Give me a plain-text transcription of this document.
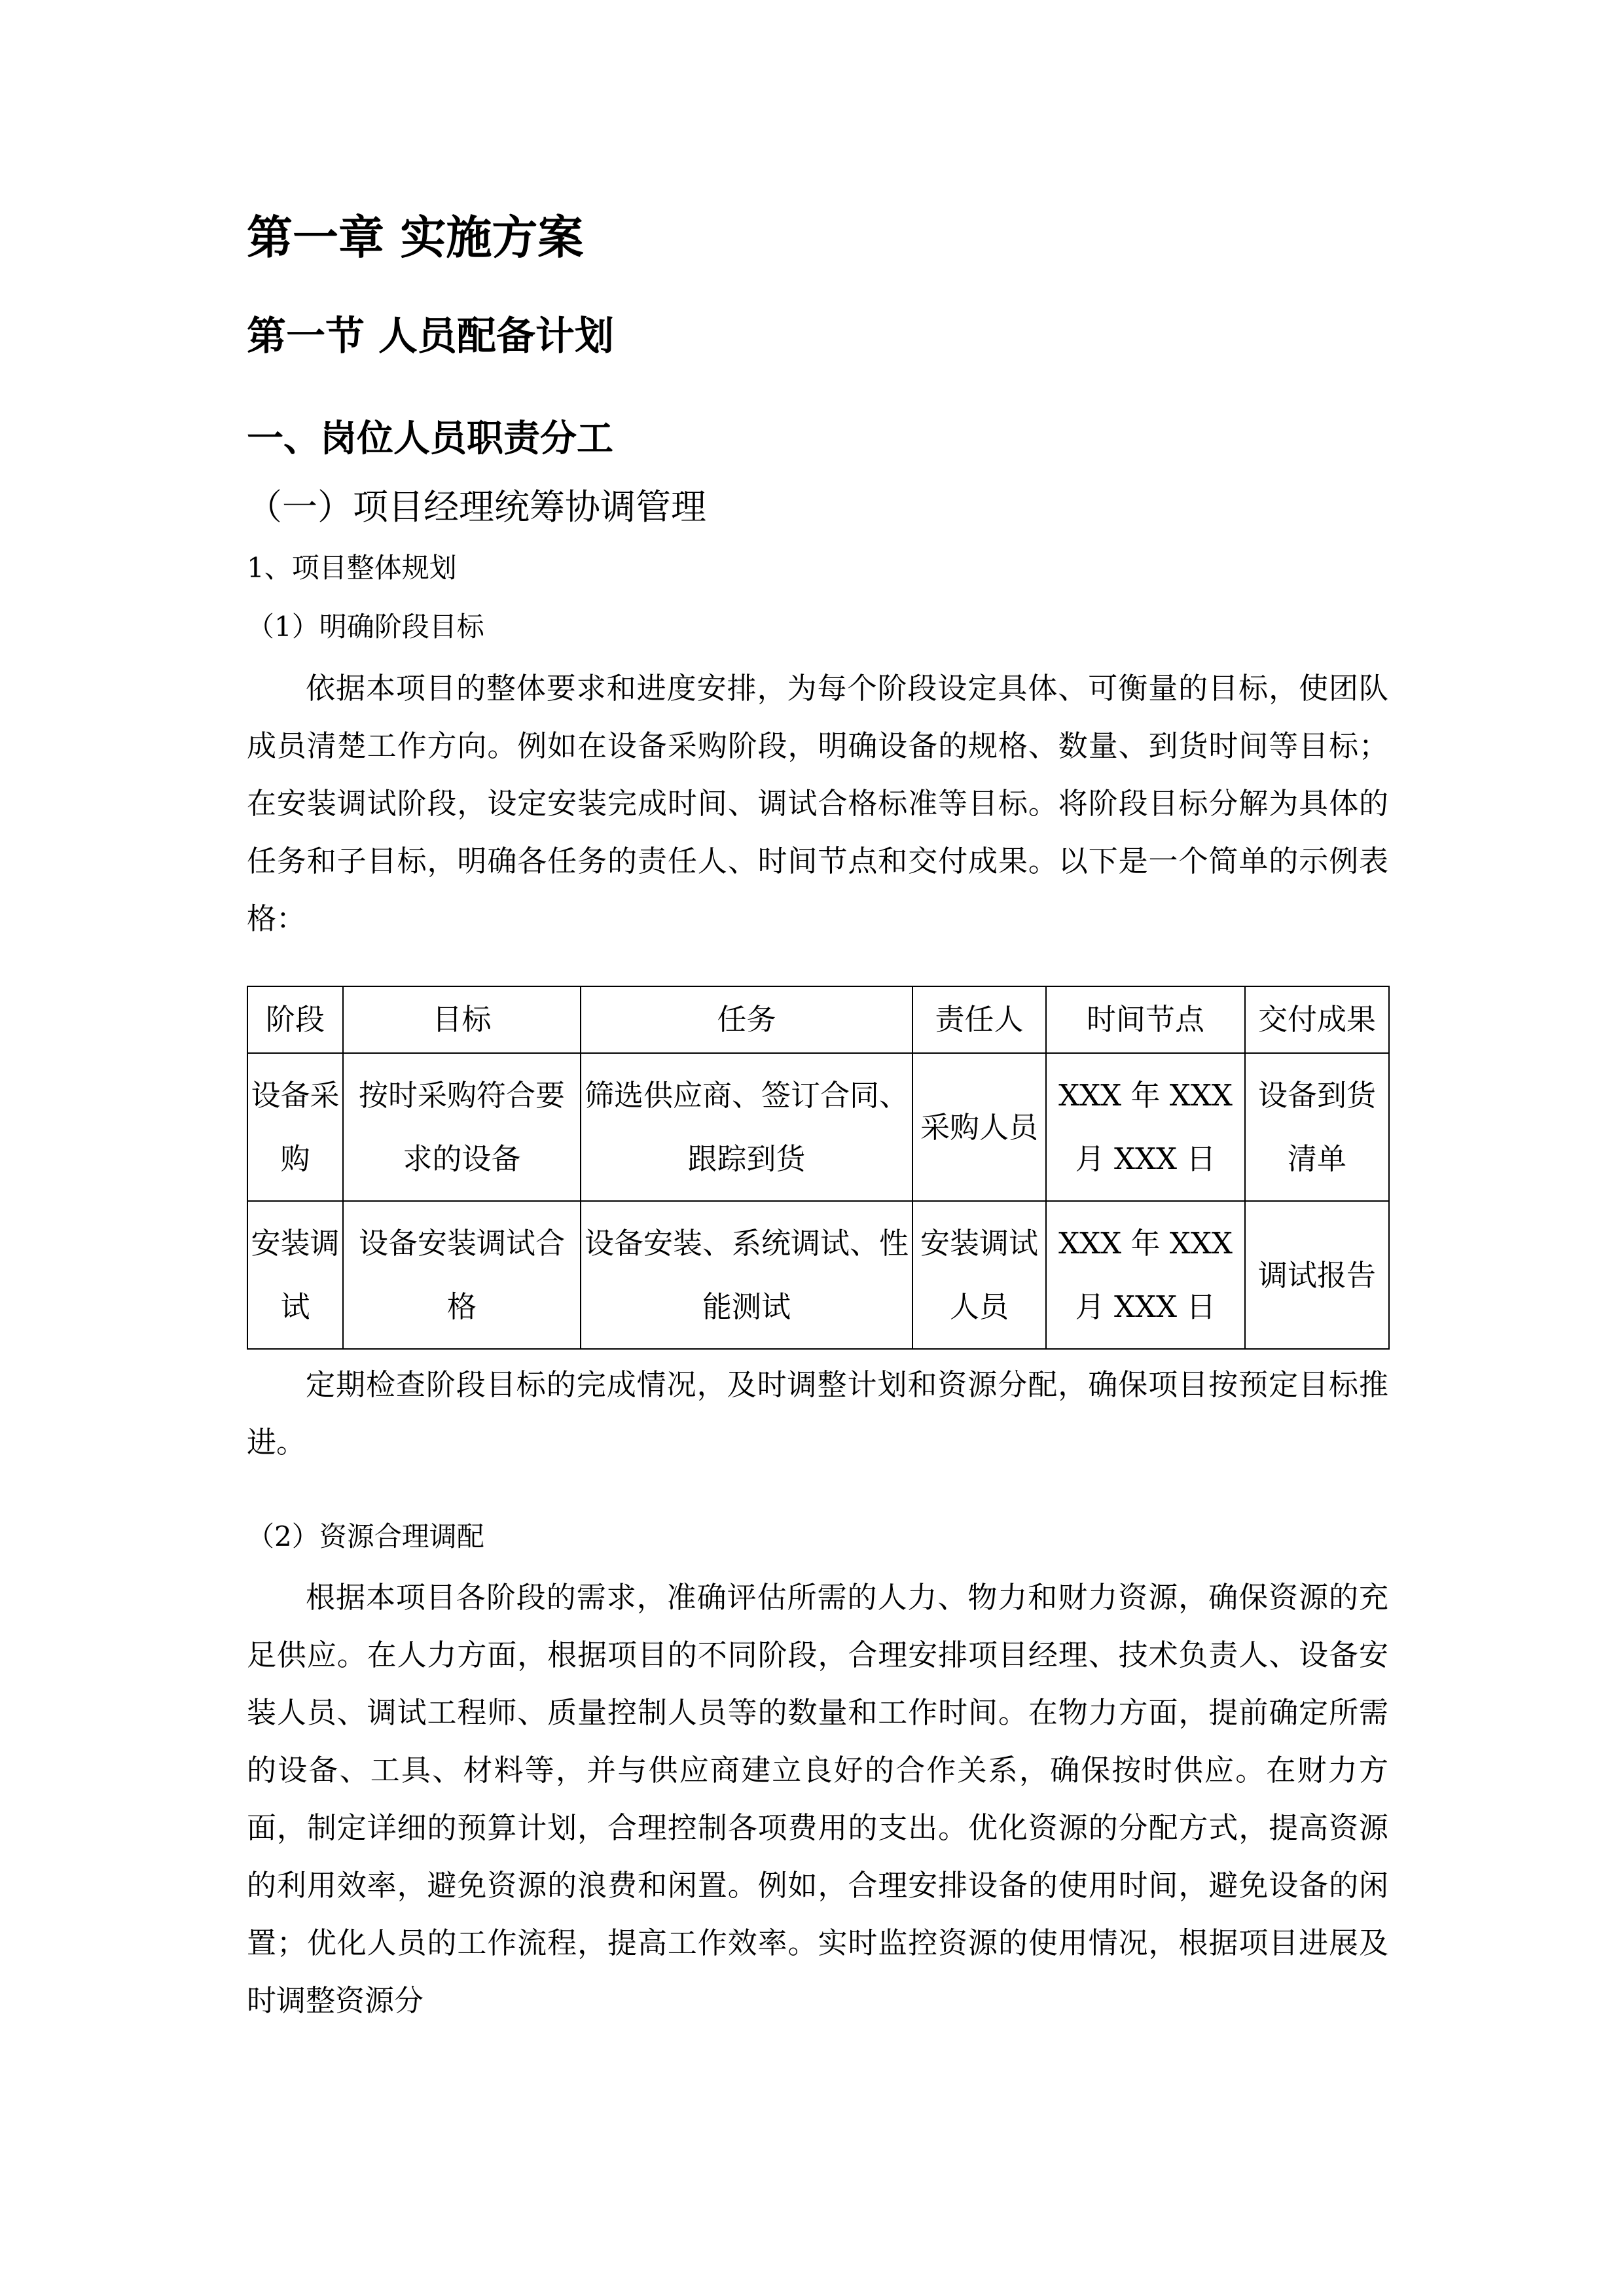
第一章 实施方案
第一节 人员配备计划
一、岗位人员职责分工
（一）项目经理统筹协调管理
1、项目整体规划
（1）明确阶段目标

依据本项目的整体要求和进度安排，为每个阶段设定具体、可衡量的目标，使团队成员清楚工作方向。例如在设备采购阶段，明确设备的规格、数量、到货时间等目标；在安装调试阶段，设定安装完成时间、调试合格标准等目标。将阶段目标分解为具体的任务和子目标，明确各任务的责任人、时间节点和交付成果。以下是一个简单的示例表格：

阶段	目标	任务	责任人	时间节点	交付成果
设备采购	按时采购符合要求的设备	筛选供应商、签订合同、跟踪到货	采购人员	XXX 年 XXX 月 XXX 日	设备到货清单
安装调试	设备安装调试合格	设备安装、系统调试、性能测试	安装调试人员	XXX 年 XXX 月 XXX 日	调试报告

定期检查阶段目标的完成情况，及时调整计划和资源分配，确保项目按预定目标推进。

（2）资源合理调配

根据本项目各阶段的需求，准确评估所需的人力、物力和财力资源，确保资源的充足供应。在人力方面，根据项目的不同阶段，合理安排项目经理、技术负责人、设备安装人员、调试工程师、质量控制人员等的数量和工作时间。在物力方面，提前确定所需的设备、工具、材料等，并与供应商建立良好的合作关系，确保按时供应。在财力方面，制定详细的预算计划，合理控制各项费用的支出。优化资源的分配方式，提高资源的利用效率，避免资源的浪费和闲置。例如，合理安排设备的使用时间，避免设备的闲置；优化人员的工作流程，提高工作效率。实时监控资源的使用情况，根据项目进展及时调整资源分
